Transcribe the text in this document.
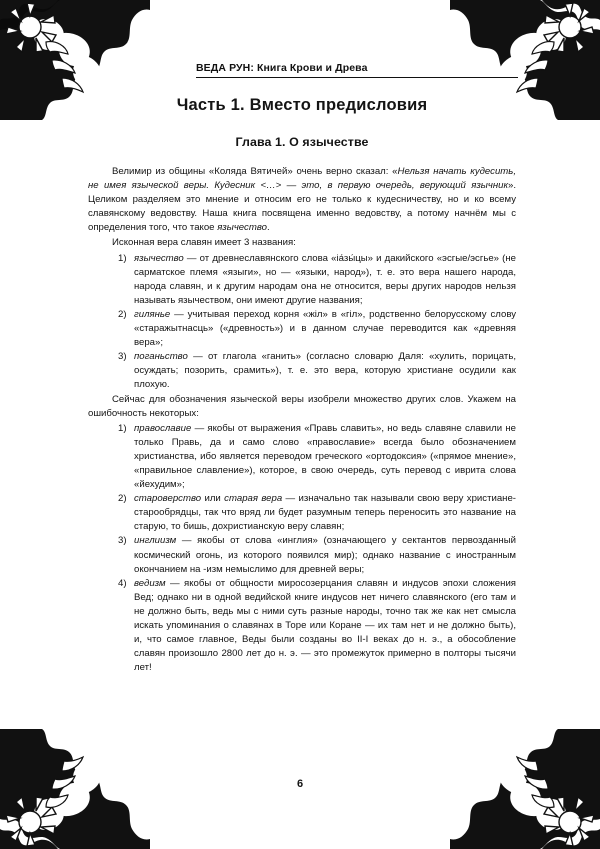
ВЕДА РУН: Книга Крови и Древа
Часть 1. Вместо предисловия
Глава 1. О язычестве

Велимир из общины «Коляда Вятичей» очень верно сказал: «Нельзя начать кудесить, не имея языческой веры. Кудесник <…> — это, в первую очередь, верующий язычник». Целиком разделяем это мнение и относим его не только к кудесничеству, но и ко всему славянскому ведовству. Наша книга посвящена именно ведовству, а потому начнём мы с определения того, что такое язычество.

Исконная вера славян имеет 3 названия:

язычество — от древнеславянского слова «iа́зы́цы» и дакийского «эсгые/эсгье» (не сарматское племя «языги», но — «языки, народ»), т. е. это вера нашего народа, народа славян, и к другим народам она не относится, веры других народов нельзя называть язычеством, они имеют другие названия;
гилянье — учитывая переход корня «жiл» в «гiл», родственно белорусскому слову «старажытнасць» («древность») и в данном случае переводится как «древняя вера»;
поганьство — от глагола «ганить» (согласно словарю Даля: «хулить, порицать, осуждать; позорить, срамить»), т. е. это вера, которую христиане осудили как плохую.

Сейчас для обозначения языческой веры изобрели множество других слов. Укажем на ошибочность некоторых:

православие — якобы от выражения «Правь славить», но ведь славяне славили не только Правь, да и само слово «православие» всегда было обозначением христианства, ибо является переводом греческого «ортодоксия» («прямое мнение», «правильное славление»), которое, в свою очередь, суть перевод с иврита слова «йехудим»;
староверство или старая вера — изначально так называли свою веру христиане-старообрядцы, так что вряд ли будет разумным теперь переносить это название на старую, то бишь, дохристианскую веру славян;
инглиизм — якобы от слова «инглия» (означающего у сектантов первозданный космический огонь, из которого появился мир); однако название с иностранным окончанием на -изм немыслимо для древней веры;
ведизм — якобы от общности миросозерцания славян и индусов эпохи сложения Вед; однако ни в одной ведийской книге индусов нет ничего славянского (его там и не должно быть, ведь мы с ними суть разные народы, точно так же как нет смысла искать упоминания о славянах в Торе или Коране — их там нет и не должно быть), и, что самое главное, Веды были созданы во II-I веках до н. э., а обособление славян произошло 2800 лет до н. э. — это промежуток примерно в полторы тысячи лет!
6
